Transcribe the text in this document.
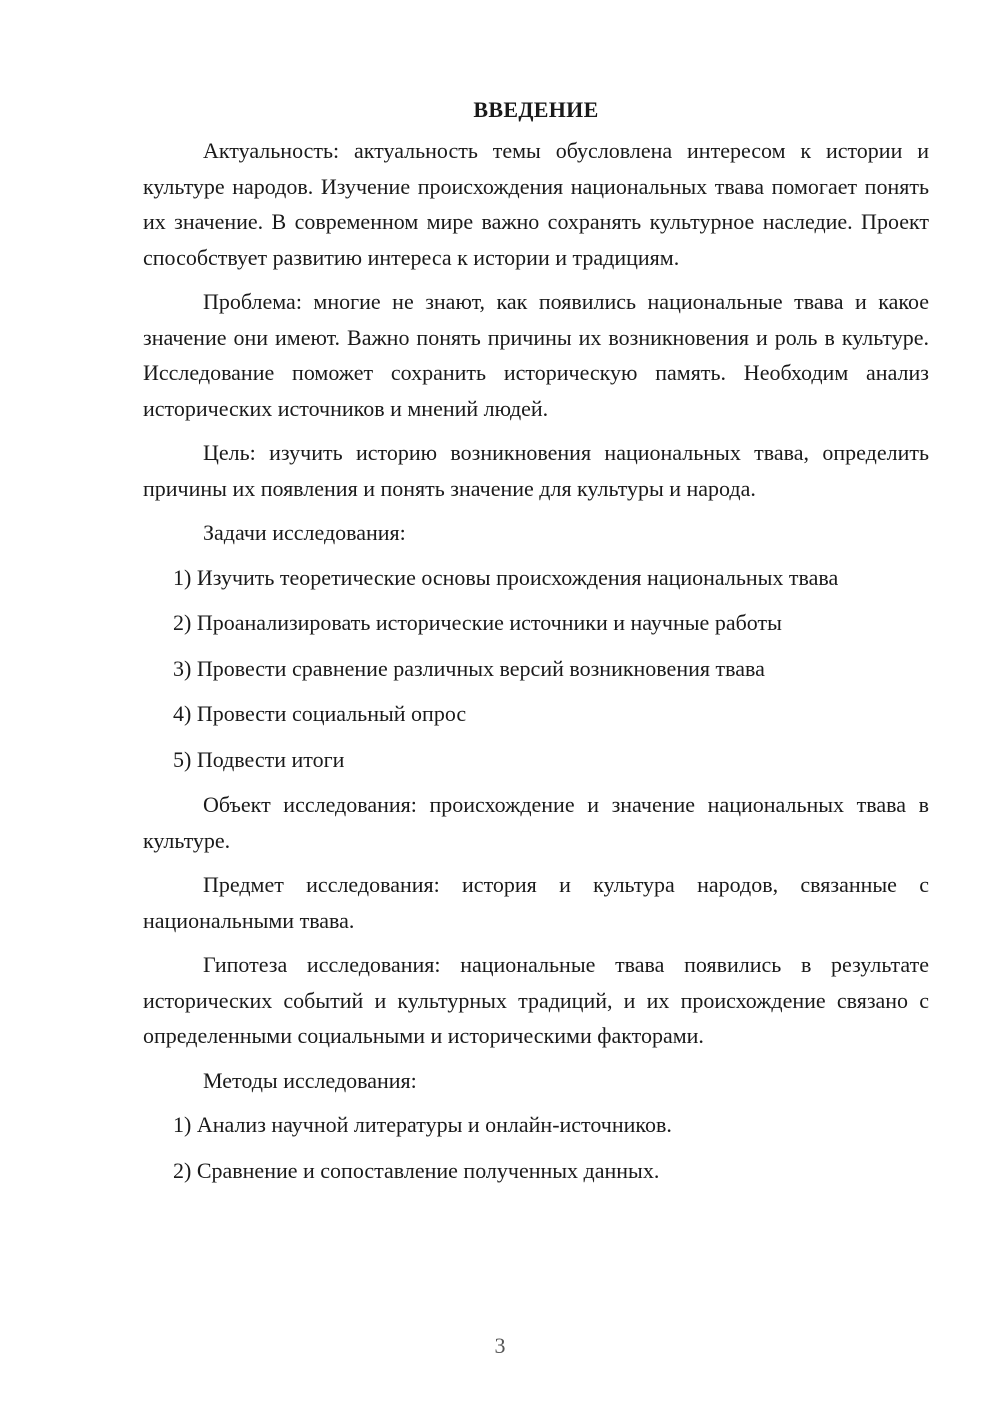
ВВЕДЕНИЕ

Актуальность: актуальность темы обусловлена интересом к истории и культуре народов. Изучение происхождения национальных твава помогает понять их значение. В современном мире важно сохранять культурное наследие. Проект способствует развитию интереса к истории и традициям.

Проблема: многие не знают, как появились национальные твава и какое значение они имеют. Важно понять причины их возникновения и роль в культуре. Исследование поможет сохранить историческую память. Необходим анализ исторических источников и мнений людей.

Цель: изучить историю возникновения национальных твава, определить причины их появления и понять значение для культуры и народа.

Задачи исследования:

1) Изучить теоретические основы происхождения национальных твава
2) Проанализировать исторические источники и научные работы
3) Провести сравнение различных версий возникновения твава
4) Провести социальный опрос
5) Подвести итоги

Объект исследования: происхождение и значение национальных твава в культуре.

Предмет исследования: история и культура народов, связанные с национальными твава.

Гипотеза исследования: национальные твава появились в результате исторических событий и культурных традиций, и их происхождение связано с определенными социальными и историческими факторами.

Методы исследования:

1) Анализ научной литературы и онлайн-источников.
2) Сравнение и сопоставление полученных данных.
3
